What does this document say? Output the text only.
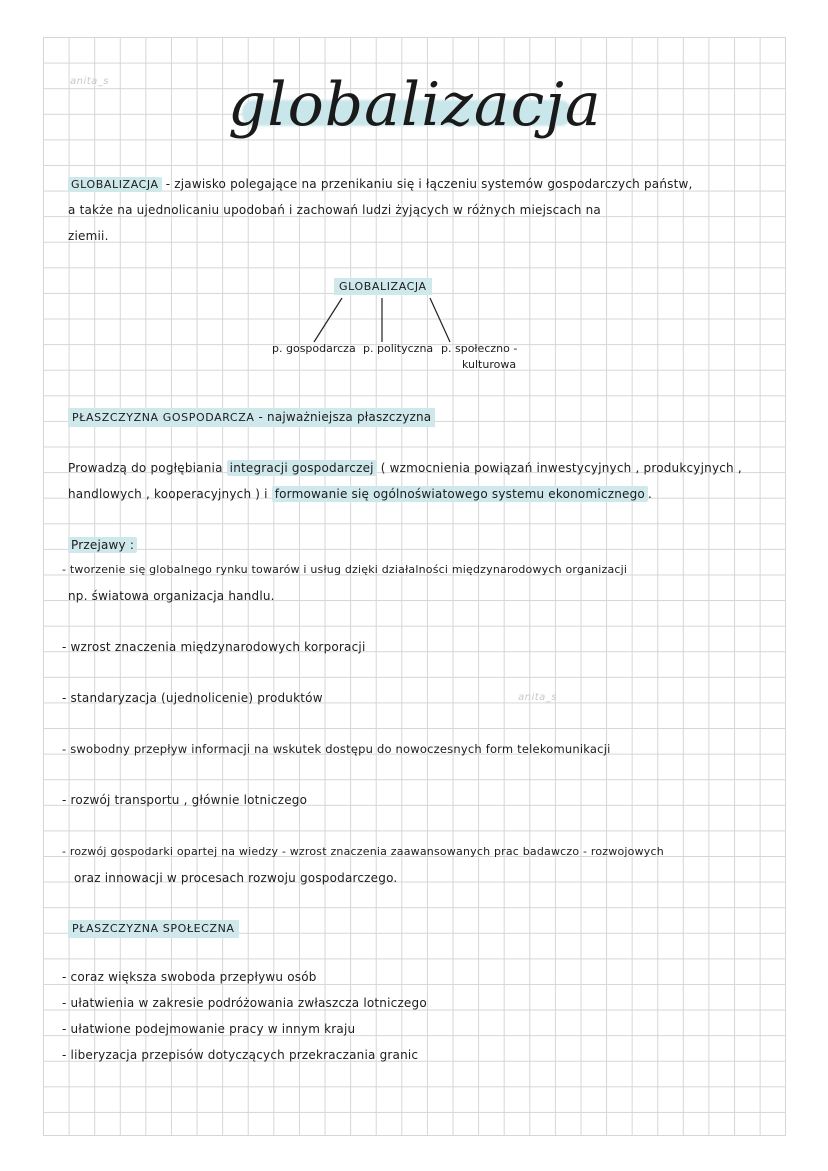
anita_s globalizacja
GLOBALIZACJA - zjawisko polegające na przenikaniu się i łączeniu systemów gospodarczych państw,
a także na ujednolicaniu upodobań i zachowań ludzi żyjących w różnych miejscach na
ziemii.
GLOBALIZACJA
p. gospodarcza p. polityczna p. społeczno -
kulturowa
PŁASZCZYZNA GOSPODARCZA - najważniejsza płaszczyzna
Prowadzą do pogłębiania integracji gospodarczej ( wzmocnienia powiązań inwestycyjnych , produkcyjnych ,
handlowych , kooperacyjnych ) i formowanie się ogólnoświatowego systemu ekonomicznego .
Przejawy :
- tworzenie się globalnego rynku towarów i usług dzięki działalności międzynarodowych organizacji
np. światowa organizacja handlu.
- wzrost znaczenia międzynarodowych korporacji
- standaryzacja (ujednolicenie) produktów	anita_s
- swobodny przepływ informacji na wskutek dostępu do nowoczesnych form telekomunikacji
- rozwój transportu , głównie lotniczego
- rozwój gospodarki opartej na wiedzy - wzrost znaczenia zaawansowanych prac badawczo - rozwojowych
oraz innowacji w procesach rozwoju gospodarczego.
PŁASZCZYZNA SPOŁECZNA
- coraz większa swoboda przepływu osób
- ułatwienia w zakresie podróżowania zwłaszcza lotniczego
- ułatwione podejmowanie pracy w innym kraju
- liberyzacja przepisów dotyczących przekraczania granic
